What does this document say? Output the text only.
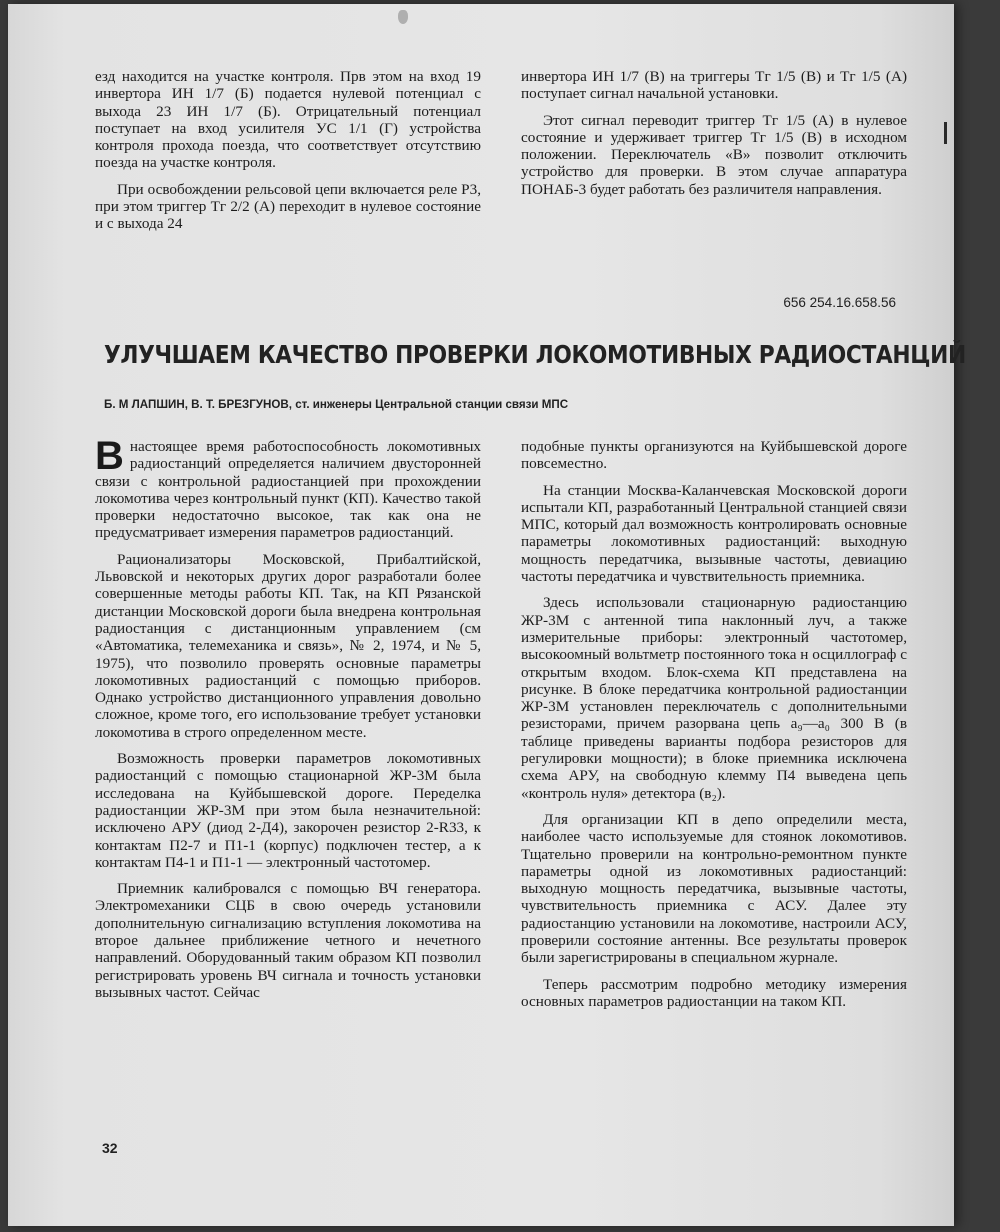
езд находится на участке контроля. Прв этом на вход 19 инвертора ИН 1/7 (Б) подается нулевой потенциал с выхода 23 ИН 1/7 (Б). Отрицательный потенциал поступает на вход усилителя УС 1/1 (Г) устройства контроля прохода поезда, что соответствует отсутствию поезда на участке контроля.

При освобождении рельсовой цепи включается реле Р3, при этом триггер Тг 2/2 (А) переходит в нулевое состояние и с выхода 24

инвертора ИН 1/7 (В) на триггеры Тг 1/5 (В) и Тг 1/5 (А) поступает сигнал начальной установки.

Этот сигнал переводит триггер Тг 1/5 (А) в нулевое состояние и удерживает триггер Тг 1/5 (В) в исходном положении. Переключатель «В» позволит отключить устройство для проверки. В этом случае аппаратура ПОНАБ-3 будет работать без различителя направления.

656 254.16.658.56
УЛУЧШАЕМ КАЧЕСТВО ПРОВЕРКИ ЛОКОМОТИВНЫХ РАДИОСТАНЦИЙ
Б. М ЛАПШИН, В. Т. БРЕЗГУНОВ, ст. инженеры Центральной станции связи МПС

Внастоящее время работоспособность локомотивных радиостанций определяется наличием двусторонней связи с контрольной радиостанцией при прохождении локомотива через контрольный пункт (КП). Качество такой проверки недостаточно высокое, так как она не предусматривает измерения параметров радиостанций.

Рационализаторы Московской, Прибалтийской, Львовской и некоторых других дорог разработали более совершенные методы работы КП. Так, на КП Рязанской дистанции Московской дороги была внедрена контрольная радиостанция с дистанционным управлением (см «Автоматика, телемеханика и связь», № 2, 1974, и № 5, 1975), что позволило проверять основные параметры локомотивных радиостанций с помощью приборов. Однако устройство дистанционного управления довольно сложное, кроме того, его использование требует установки локомотива в строго определенном месте.

Возможность проверки параметров локомотивных радиостанций с помощью стационарной ЖР-3М была исследована на Куйбышевской дороге. Переделка радиостанции ЖР-3М при этом была незначительной: исключено АРУ (диод 2-Д4), закорочен резистор 2-R33, к контактам П2-7 и П1-1 (корпус) подключен тестер, а к контактам П4-1 и П1-1 — электронный частотомер.

Приемник калибровался с помощью ВЧ генератора. Электромеханики СЦБ в свою очередь установили дополнительную сигнализацию вступления локомотива на второе дальнее приближение четного и нечетного направлений. Оборудованный таким образом КП позволил регистрировать уровень ВЧ сигнала и точность установки вызывных частот. Сейчас

подобные пункты организуются на Куйбышевской дороге повсеместно.

На станции Москва-Каланчевская Московской дороги испытали КП, разработанный Центральной станцией связи МПС, который дал возможность контролировать основные параметры локомотивных радиостанций: выходную мощность передатчика, вызывные частоты, девиацию частоты передатчика и чувствительность приемника.

Здесь использовали стационарную радиостанцию ЖР-3М с антенной типа наклонный луч, а также измерительные приборы: электронный частотомер, высокоомный вольтметр постоянного тока н осциллограф с открытым входом. Блок-схема КП представлена на рисунке. В блоке передатчика контрольной радиостанции ЖР-3М установлен переключатель с дополнительными резисторами, причем разорвана цепь а₉—а₀ 300 В (в таблице приведены варианты подбора резисторов для регулировки мощности); в блоке приемника исключена схема АРУ, на свободную клемму П4 выведена цепь «контроль нуля» детектора (в₂).

Для организации КП в депо определили места, наиболее часто используемые для стоянок локомотивов. Тщательно проверили на контрольно-ремонтном пункте параметры одной из локомотивных радиостанций: выходную мощность передатчика, вызывные частоты, чувствительность приемника с АСУ. Далее эту радиостанцию установили на локомотиве, настроили АСУ, проверили состояние антенны. Все результаты проверок были зарегистрированы в специальном журнале.

Теперь рассмотрим подробно методику измерения основных параметров радиостанции на таком КП.

32
